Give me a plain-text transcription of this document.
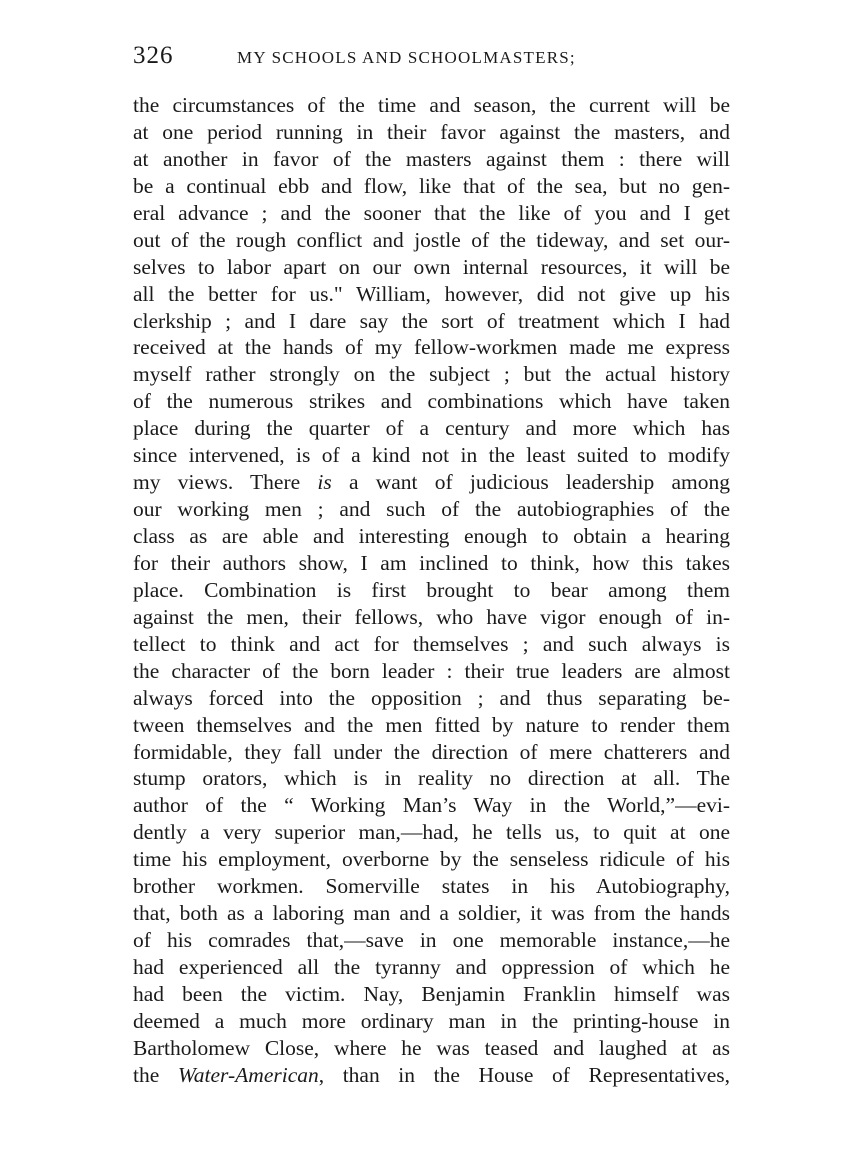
326	MY SCHOOLS AND SCHOOLMASTERS;
the circumstances of the time and season, the current will be
at one period running in their favor against the masters, and
at another in favor of the masters against them : there will
be a continual ebb and flow, like that of the sea, but no gen-
eral advance ; and the sooner that the like of you and I get
out of the rough conflict and jostle of the tideway, and set our-
selves to labor apart on our own internal resources, it will be
all the better for us." William, however, did not give up his
clerkship ; and I dare say the sort of treatment which I had
received at the hands of my fellow-workmen made me express
myself rather strongly on the subject ; but the actual history
of the numerous strikes and combinations which have taken
place during the quarter of a century and more which has
since intervened, is of a kind not in the least suited to modify
my views. There is a want of judicious leadership among
our working men ; and such of the autobiographies of the
class as are able and interesting enough to obtain a hearing
for their authors show, I am inclined to think, how this takes
place. Combination is first brought to bear among them
against the men, their fellows, who have vigor enough of in-
tellect to think and act for themselves ; and such always is
the character of the born leader : their true leaders are almost
always forced into the opposition ; and thus separating be-
tween themselves and the men fitted by nature to render them
formidable, they fall under the direction of mere chatterers and
stump orators, which is in reality no direction at all. The
author of the “ Working Man’s Way in the World,”—evi-
dently a very superior man,—had, he tells us, to quit at one
time his employment, overborne by the senseless ridicule of his
brother workmen. Somerville states in his Autobiography,
that, both as a laboring man and a soldier, it was from the hands
of his comrades that,—save in one memorable instance,—he
had experienced all the tyranny and oppression of which he
had been the victim. Nay, Benjamin Franklin himself was
deemed a much more ordinary man in the printing-house in
Bartholomew Close, where he was teased and laughed at as
the Water-American, than in the House of Representatives,
